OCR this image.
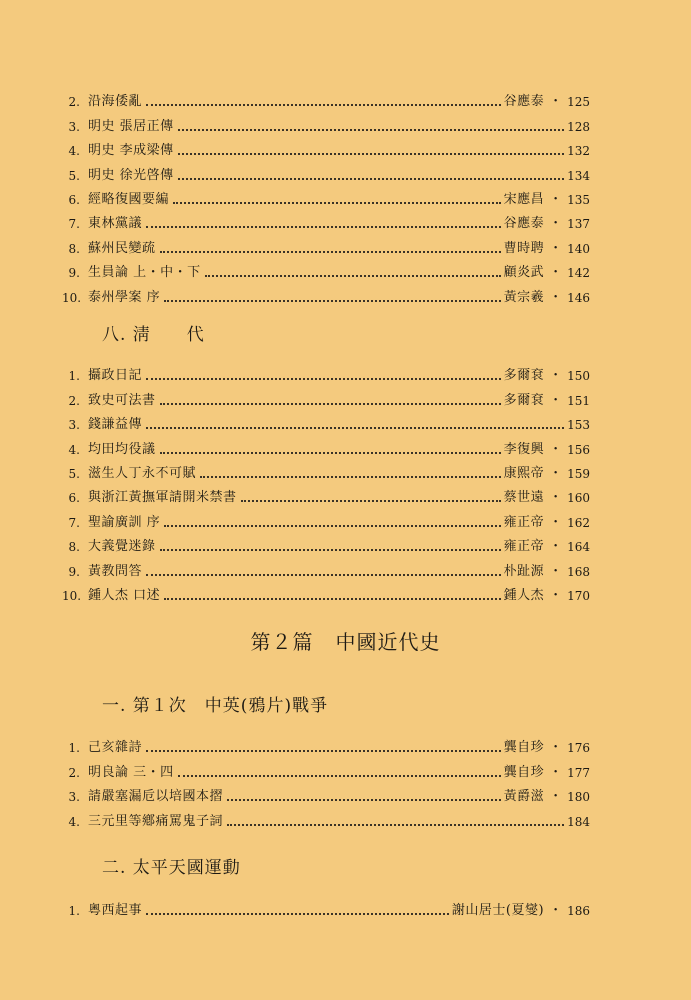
2. 沿海倭亂	谷應泰 ・ 125
3. 明史 張居正傳	128
4. 明史 李成梁傳	132
5. 明史 徐光啓傳	134
6. 經略復國要編	宋應昌 ・ 135
7. 東林黨議	谷應泰 ・ 137
8. 蘇州民變疏	曹時聘 ・ 140
9. 生員論 上・中・下	顧炎武 ・ 142
10. 泰州學案 序	黃宗羲 ・ 146
八. 淸　　代
1. 攝政日記	多爾袞 ・ 150
2. 致史可法書	多爾袞 ・ 151
3. 錢謙益傳	153
4. 均田均役議	李復興 ・ 156
5. 滋生人丁永不可賦	康熙帝 ・ 159
6. 與浙江黃撫軍請開米禁書	蔡世遠 ・ 160
7. 聖諭廣訓 序	雍正帝 ・ 162
8. 大義覺迷錄	雍正帝 ・ 164
9. 黃教問答	朴趾源 ・ 168
10. 鍾人杰 口述	鍾人杰 ・ 170
第２篇 中國近代史
一. 第１次　中英(鴉片)戰爭
1. 己亥雜詩	龔自珍 ・ 176
2. 明良論 三・四	龔自珍 ・ 177
3. 請嚴塞漏卮以培國本摺	黃爵滋 ・ 180
4. 三元里等鄕痛罵鬼子詞	184
二. 太平天國運動
1. 粵西起事	謝山居士(夏燮) ・ 186
